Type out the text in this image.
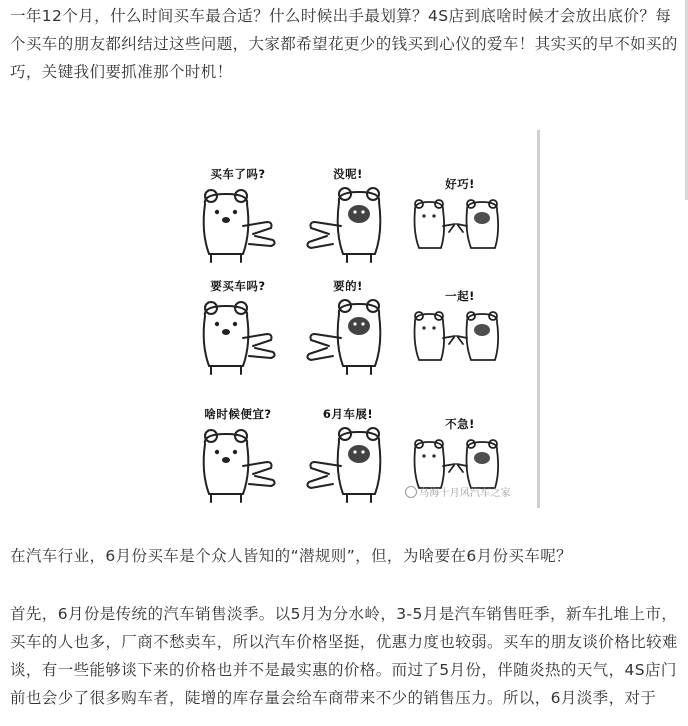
一年12个月，什么时间买车最合适？什么时候出手最划算？4S店到底啥时候才会放出底价？每个买车的朋友都纠结过这些问题，大家都希望花更少的钱买到心仪的爱车！其实买的早不如买的巧，关键我们要抓准那个时机！

买车了吗?	没呢!
好巧!
要买车吗?	要的!
一起!
啥时候便宜?	6月车展!
不急!
乌海十月风汽车之家

在汽车行业，6月份买车是个众人皆知的“潜规则”，但，为啥要在6月份买车呢？

首先，6月份是传统的汽车销售淡季。以5月为分水岭，3-5月是汽车销售旺季，新车扎堆上市，买车的人也多，厂商不愁卖车，所以汽车价格坚挺，优惠力度也较弱。买车的朋友谈价格比较难谈，有一些能够谈下来的价格也并不是最实惠的价格。而过了5月份，伴随炎热的天气，4S店门前也会少了很多购车者，陡增的库存量会给车商带来不少的销售压力。所以，6月淡季，对于
